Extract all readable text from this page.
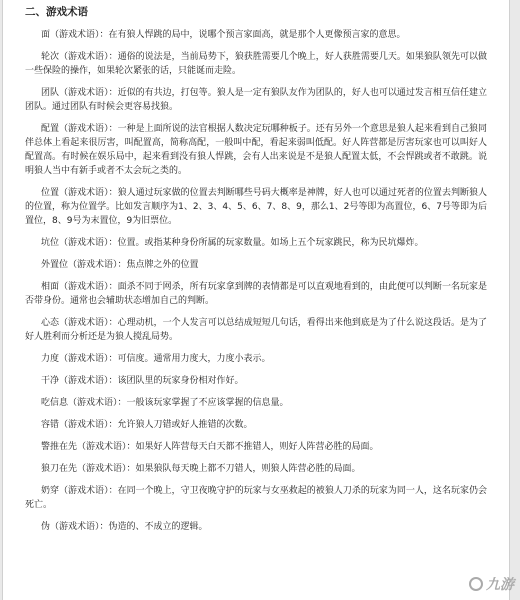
二、游戏术语
面（游戏术语）：在有狼人悍跳的局中，说哪个预言家面高，就是那个人更像预言家的意思。
轮次（游戏术语）：通俗的说法是，当前局势下，狼获胜需要几个晚上，好人获胜需要几天。如果狼队领先可以做一些保险的操作，如果轮次紧张的话，只能诞而走险。
团队（游戏术语）：近似的有共边，打包等。狼人是一定有狼队友作为团队的，好人也可以通过发言相互信任建立团队。通过团队有时候会更容易找狼。
配置（游戏术语）：一种是上面所说的法官根据人数决定玩哪种板子。还有另外一个意思是狼人起来看到自己狼同伴总体上看起来很厉害，叫配置高，简称高配，一般叫中配，看起来弱叫低配。好人阵营都是厉害玩家也可以叫好人配置高。有时候在娱乐局中，起来看到没有狼人悍跳，会有人出来说是不是狼人配置太低，不会悍跳或者不敢跳。说明狼人当中有新手或者不太会玩之类的。
位置（游戏术语）：狼人通过玩家做的位置去判断哪些号码大概率是神牌，好人也可以通过死者的位置去判断狼人的位置，称为位置学。比如发言顺序为1、2、3、4、5、6、7、8、9，那么1、2号等即为高置位，6、7号等即为后置位，8、9号为末置位，9为旧票位。
坑位（游戏术语）：位置。或指某种身份所属的玩家数量。如场上五个玩家跳民，称为民坑爆炸。
外置位（游戏术语）：焦点牌之外的位置
相面（游戏术语）：面杀不同于网杀，所有玩家拿到牌的表情都是可以直观地看到的，由此便可以判断一名玩家是否带身份。通常也会辅助状态增加自己的判断。
心态（游戏术语）：心理动机，一个人发言可以总结成短短几句话，看得出来他到底是为了什么说这段话。是为了好人胜利而分析还是为狼人搅乱局势。
力度（游戏术语）：可信度。通常用力度大，力度小表示。
干净（游戏术语）：该团队里的玩家身份相对作好。
吃信息（游戏术语）：一般该玩家掌握了不应该掌握的信息量。
容错（游戏术语）：允许狼人刀错或好人推错的次数。
警推在先（游戏术语）：如果好人阵营每天白天都不推错人，则好人阵营必胜的局面。
狼刀在先（游戏术语）：如果狼队每天晚上都不刀错人，则狼人阵营必胜的局面。
奶穿（游戏术语）：在同一个晚上，守卫夜晚守护的玩家与女巫救起的被狼人刀杀的玩家为同一人，这名玩家仍会死亡。
伪（游戏术语）：伪造的、不成立的逻辑。
九游
